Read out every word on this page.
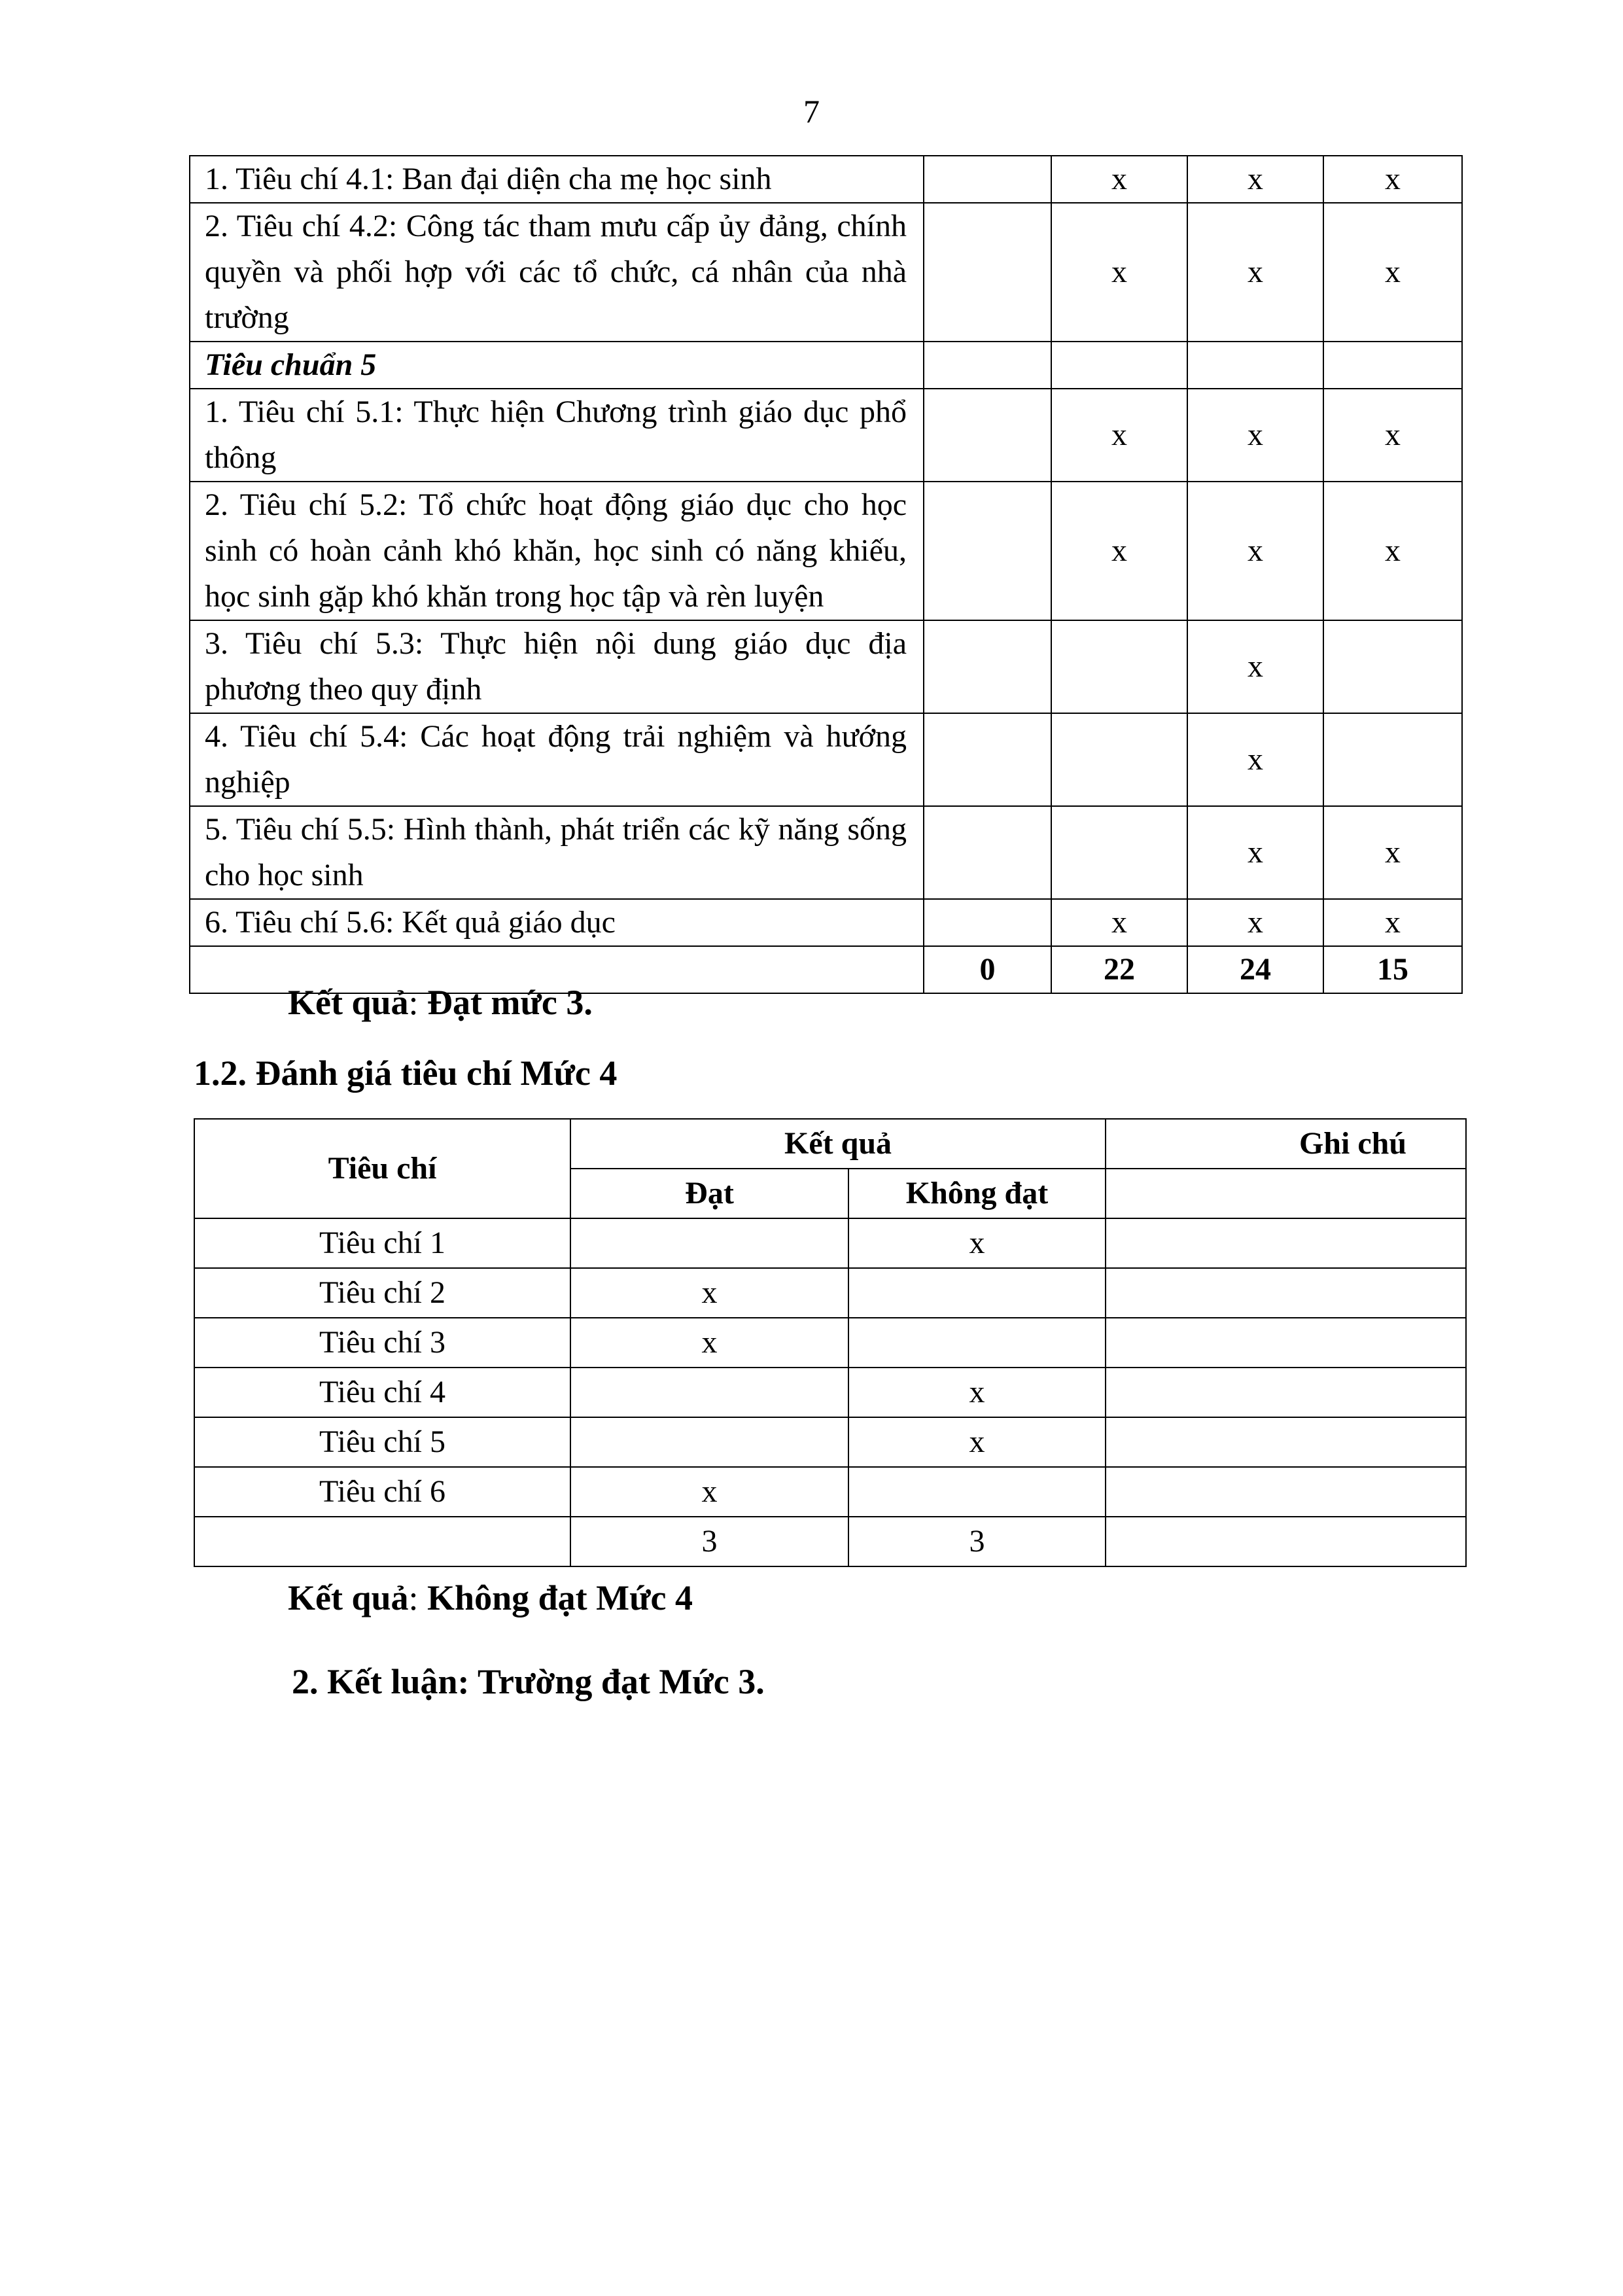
7
1. Tiêu chí 4.1: Ban đại diện cha mẹ học sinh		x	x	x
2. Tiêu chí 4.2: Công tác tham mưu cấp ủy đảng, chính quyền và phối hợp với các tổ chức, cá nhân của nhà trường		x	x	x
Tiêu chuẩn 5				
1. Tiêu chí 5.1: Thực hiện Chương trình giáo dục phổ thông		x	x	x
2. Tiêu chí 5.2: Tổ chức hoạt động giáo dục cho học sinh có hoàn cảnh khó khăn, học sinh có năng khiếu, học sinh gặp khó khăn trong học tập và rèn luyện		x	x	x
3. Tiêu chí 5.3: Thực hiện nội dung giáo dục địa phương theo quy định			x	
4. Tiêu chí 5.4: Các hoạt động trải nghiệm và hướng nghiệp			x	
5. Tiêu chí 5.5: Hình thành, phát triển các kỹ năng sống cho học sinh			x	x
6. Tiêu chí 5.6: Kết quả giáo dục		x	x	x
	0	22	24	15
Kết quả: Đạt mức 3.
1.2. Đánh giá tiêu chí Mức 4
Tiêu chí	Kết quả		Ghi chú
	Đạt	Không đạt	
Tiêu chí 1		x	
Tiêu chí 2	x		
Tiêu chí 3	x		
Tiêu chí 4		x	
Tiêu chí 5		x	
Tiêu chí 6	x		
	3	3	
Kết quả: Không đạt Mức 4
2. Kết luận: Trường đạt Mức 3.
